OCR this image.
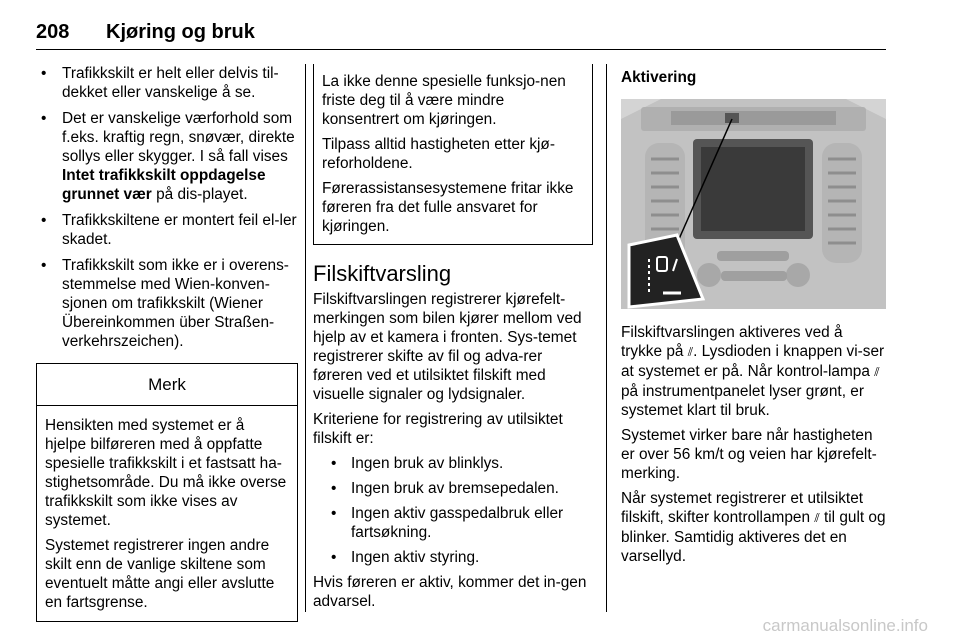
208 Kjøring og bruk
• Trafikkskilt er helt eller delvis til-dekket eller vanskelige å se.
• Det er vanskelige værforhold som f.eks. kraftig regn, snøvær, direkte sollys eller skygger. I så fall vises Intet trafikkskilt oppdagelse grunnet vær på dis-playet.
• Trafikkskiltene er montert feil el-ler skadet.
• Trafikkskilt som ikke er i overens-stemmelse med Wien-konven-sjonen om trafikkskilt (Wiener Übereinkommen über Straßen-verkehrszeichen).
Merk

Hensikten med systemet er å hjelpe bilføreren med å oppfatte spesielle trafikkskilt i et fastsatt ha-stighetsområde. Du må ikke overse trafikkskilt som ikke vises av systemet.

Systemet registrerer ingen andre skilt enn de vanlige skiltene som eventuelt måtte angi eller avslutte en fartsgrense.

La ikke denne spesielle funksjo-nen friste deg til å være mindre konsentrert om kjøringen.

Tilpass alltid hastigheten etter kjø-reforholdene.

Førerassistansesystemene fritar ikke føreren fra det fulle ansvaret for kjøringen.

Filskiftvarsling

Filskiftvarslingen registrerer kjørefelt-merkingen som bilen kjører mellom ved hjelp av et kamera i fronten. Sys-temet registrerer skifte av fil og adva-rer føreren ved et utilsiktet filskift med visuelle signaler og lydsignaler.

Kriteriene for registrering av utilsiktet filskift er:

• Ingen bruk av blinklys.
• Ingen bruk av bremsepedalen.
• Ingen aktiv gasspedalbruk eller fartsøkning.
• Ingen aktiv styring.

Hvis føreren er aktiv, kommer det in-gen advarsel.

Aktivering

Filskiftvarslingen aktiveres ved å trykke på ⫽. Lysdioden i knappen vi-ser at systemet er på. Når kontrol-lampa ⫽ på instrumentpanelet lyser grønt, er systemet klart til bruk.

Systemet virker bare når hastigheten er over 56 km/t og veien har kjørefelt-merking.

Når systemet registrerer et utilsiktet filskift, skifter kontrollampen ⫽ til gult og blinker. Samtidig aktiveres det en varsellyd.

carmanualsonline.info
